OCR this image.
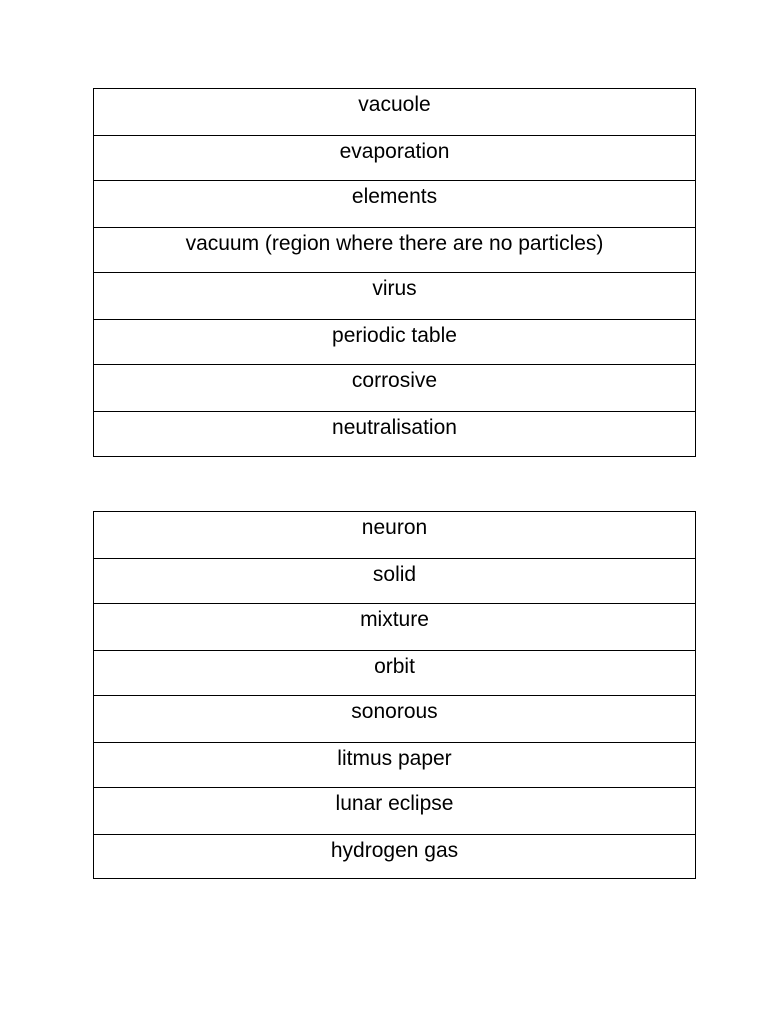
vacuole
evaporation
elements
vacuum (region where there are no particles)
virus
periodic table
corrosive
neutralisation
neuron
solid
mixture
orbit
sonorous
litmus paper
lunar eclipse
hydrogen gas
